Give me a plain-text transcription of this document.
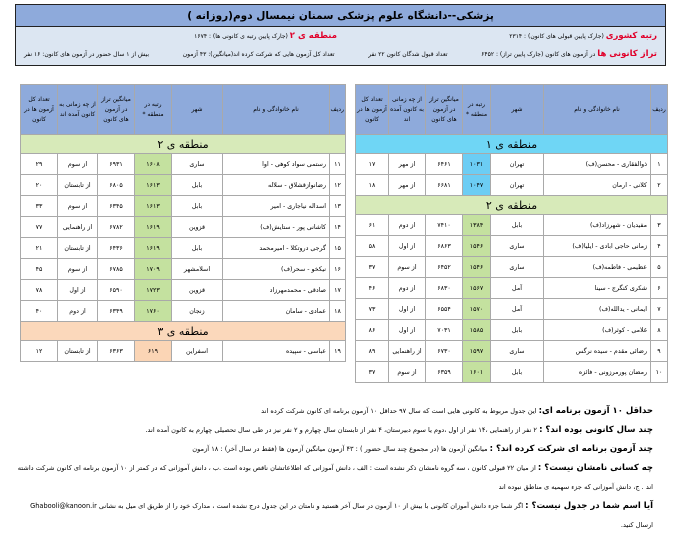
پزشکی--دانشگاه علوم پزشکی سمنان نیمسال دوم(روزانه )
رتبه کشوری (جارک پایین قبولی های کانون) : ۲۳۱۴
منطقه ی ۲ (جارک پایین رتبه ی کانونی ها) : ۱۶۷۴
تراز کانونی ها در آزمون های کانون (جارک پایین تراز) : ۶۴۵۲
تعداد قبول شدگان کانون ۲۲ نفر
تعداد کل آزمون هایی که شرکت کرده اند(میانگین): ۴۳ آزمون
بیش از ۱ سال حضور در آزمون های کانون: ۱۶ نفر
ردیف	نام خانوادگی و نام	شهر	رتبه در منطقه *	میانگین تراز در آزمون های کانون	از چه زمانی به کانون آمده اند	تعداد کل آزمون ها در کانون
منطقه ی ۱						
۱	ذوالفقاری - محسن(ف)	تهران	۱۰۳۱	۶۴۶۱	از مهر	۱۷
۲	کلانی - ارمان	تهران	۱۰۴۷	۶۶۸۱	از مهر	۱۸
منطقه ی ۲						
۳	مفیدیان - شهرزاد(ف)	بابل	۱۳۸۴	۷۴۱۰	از دوم	۶۱
۴	زمانی حاجی ابادی - ایلیا(ف)	ساری	۱۵۴۶	۶۸۶۳	از اول	۵۸
۵	عظیمی - فاطمه(ف)	ساری	۱۵۴۶	۶۴۵۲	از سوم	۳۷
۶	شکری کنگرج - سینا	آمل	۱۵۶۷	۶۸۳۰	از دوم	۴۶
۷	ایمانی - یدالله(ف)	آمل	۱۵۷۰	۶۵۵۴	از اول	۷۳
۸	غلامی - کوثر(ف)	بابل	۱۵۸۵	۷۰۳۱	از اول	۸۶
۹	رضائی مقدم - سیده نرگس	ساری	۱۵۹۷	۶۷۳۰	از راهنمایی	۸۹
۱۰	رمضان پورمرزونی - فائزه	بابل	۱۶۰۱	۶۳۵۹	از سوم	۳۷
ردیف	نام خانوادگی و نام	شهر	رتبه در منطقه *	میانگین تراز در آزمون های کانون	از چه زمانی به کانون آمده اند	تعداد کل آزمون ها در کانون
منطقه ی ۲						
۱۱	رستمی سواد کوهی - اوا	ساری	۱۶۰۸	۶۹۳۱	از سوم	۲۹
۱۲	رضانوازقشلاق - سلاله	بابل	۱۶۱۳	۶۸۰۵	از تابستان	۲۰
۱۳	اسداله نیاجاری - امیر	بابل	۱۶۱۳	۶۳۴۵	از سوم	۳۳
۱۴	کاشانی پور - ستایش(ف)	قزوین	۱۶۱۹	۶۷۸۲	از راهنمایی	۷۷
۱۵	گرجی دروتکلا - امیرمحمد	بابل	۱۶۱۹	۶۴۳۶	از تابستان	۲۱
۱۶	نیکخو - سحر(ف)	اسلامشهر	۱۷۰۹	۶۷۸۵	از سوم	۴۵
۱۷	صادقی - محمدمهرزاد	قزوین	۱۷۲۳	۶۵۹۰	از اول	۷۸
۱۸	عمادی - سامان	زنجان	۱۷۶۰	۶۳۴۹	از دوم	۴۰
منطقه ی ۳						
۱۹	عباسی - سپیده	اسفراین	۶۱۹	۶۳۶۳	از تابستان	۱۲
حداقل ۱۰ آزمون برنامه ای: این جدول مربوط به کانونی هایی است که سال ۹۷ حداقل ۱۰ آزمون برنامه ای کانون شرکت کرده اند
چند سال کانونی بوده اند؟ : ۲ نفر از راهنمایی ،۱۴ نفر از اول ،دوم یا سوم دبیرستان، ۴ نفر از تابستان سال چهارم و ۲ نفر نیز در طی سال تحصیلی چهارم به کانون آمده اند.
چند آزمون برنامه ای شرکت کرده اند؟ : میانگین آزمون ها (در مجموع چند سال حضور ) : ۴۳ آزمون میانگین آزمون ها (فقط در سال آخر) : ۱۸ آزمون
چه کسانی نامشان نیست؟ : از میان ۲۲ قبولی کانون ، سه گروه نامشان ذکر نشده است : الف ، دانش آموزانی که اطلاعاتشان ناقص بوده است .ب ، دانش آموزانی که در کمتر از ۱۰ آزمون برنامه ای کانون شرکت داشته اند . ج، دانش آموزانی که جزء سهمیه ی مناطق نبوده اند
آیا اسم شما در جدول نیست؟ : اگر شما جزء دانش آموزان کانونی با بیش از ۱۰ آزمون در سال آخر هستید و نامتان در این جدول درج نشده است ، مدارک خود را از طریق ای میل به نشانی Ghabooli@kanoon.ir ارسال کنید.
